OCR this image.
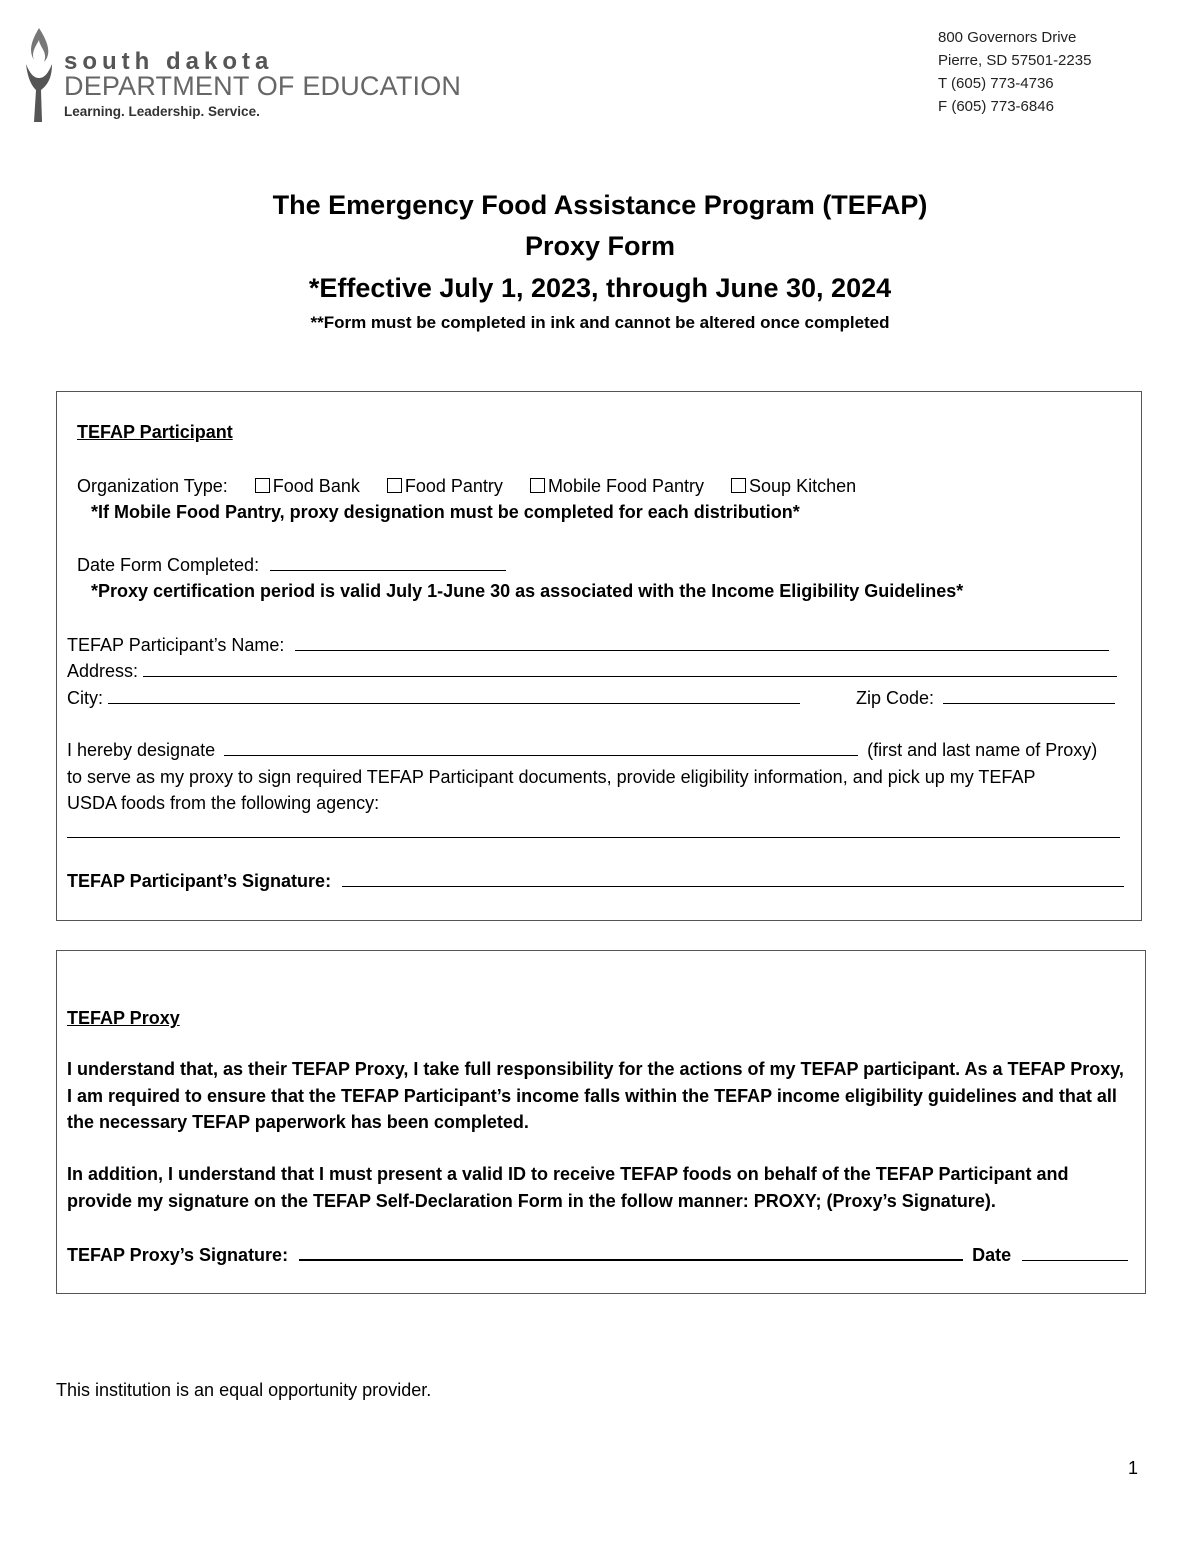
south dakota
DEPARTMENT OF EDUCATION
Learning. Leadership. Service.
800 Governors Drive
Pierre, SD 57501-2235
T (605) 773-4736
F (605) 773-6846
The Emergency Food Assistance Program (TEFAP)
Proxy Form
*Effective July 1, 2023, through June 30, 2024
**Form must be completed in ink and cannot be altered once completed
TEFAP Participant
Organization Type:	Food Bank	Food Pantry	Mobile Food Pantry	Soup Kitchen
*If Mobile Food Pantry, proxy designation must be completed for each distribution*
Date Form Completed:
*Proxy certification period is valid July 1-June 30 as associated with the Income Eligibility Guidelines*
TEFAP Participant’s Name:
Address:
City:	Zip Code:
I hereby designate	(first and last name of Proxy)
to serve as my proxy to sign required TEFAP Participant documents, provide eligibility information, and pick up my TEFAP
USDA foods from the following agency:
TEFAP Participant’s Signature:
TEFAP Proxy
I understand that, as their TEFAP Proxy, I take full responsibility for the actions of my TEFAP participant. As a TEFAP Proxy, I am required to ensure that the TEFAP Participant’s income falls within the TEFAP income eligibility guidelines and that all the necessary TEFAP paperwork has been completed.
In addition, I understand that I must present a valid ID to receive TEFAP foods on behalf of the TEFAP Participant and provide my signature on the TEFAP Self-Declaration Form in the follow manner: PROXY; (Proxy’s Signature).
TEFAP Proxy’s Signature:	Date
This institution is an equal opportunity provider.
1
